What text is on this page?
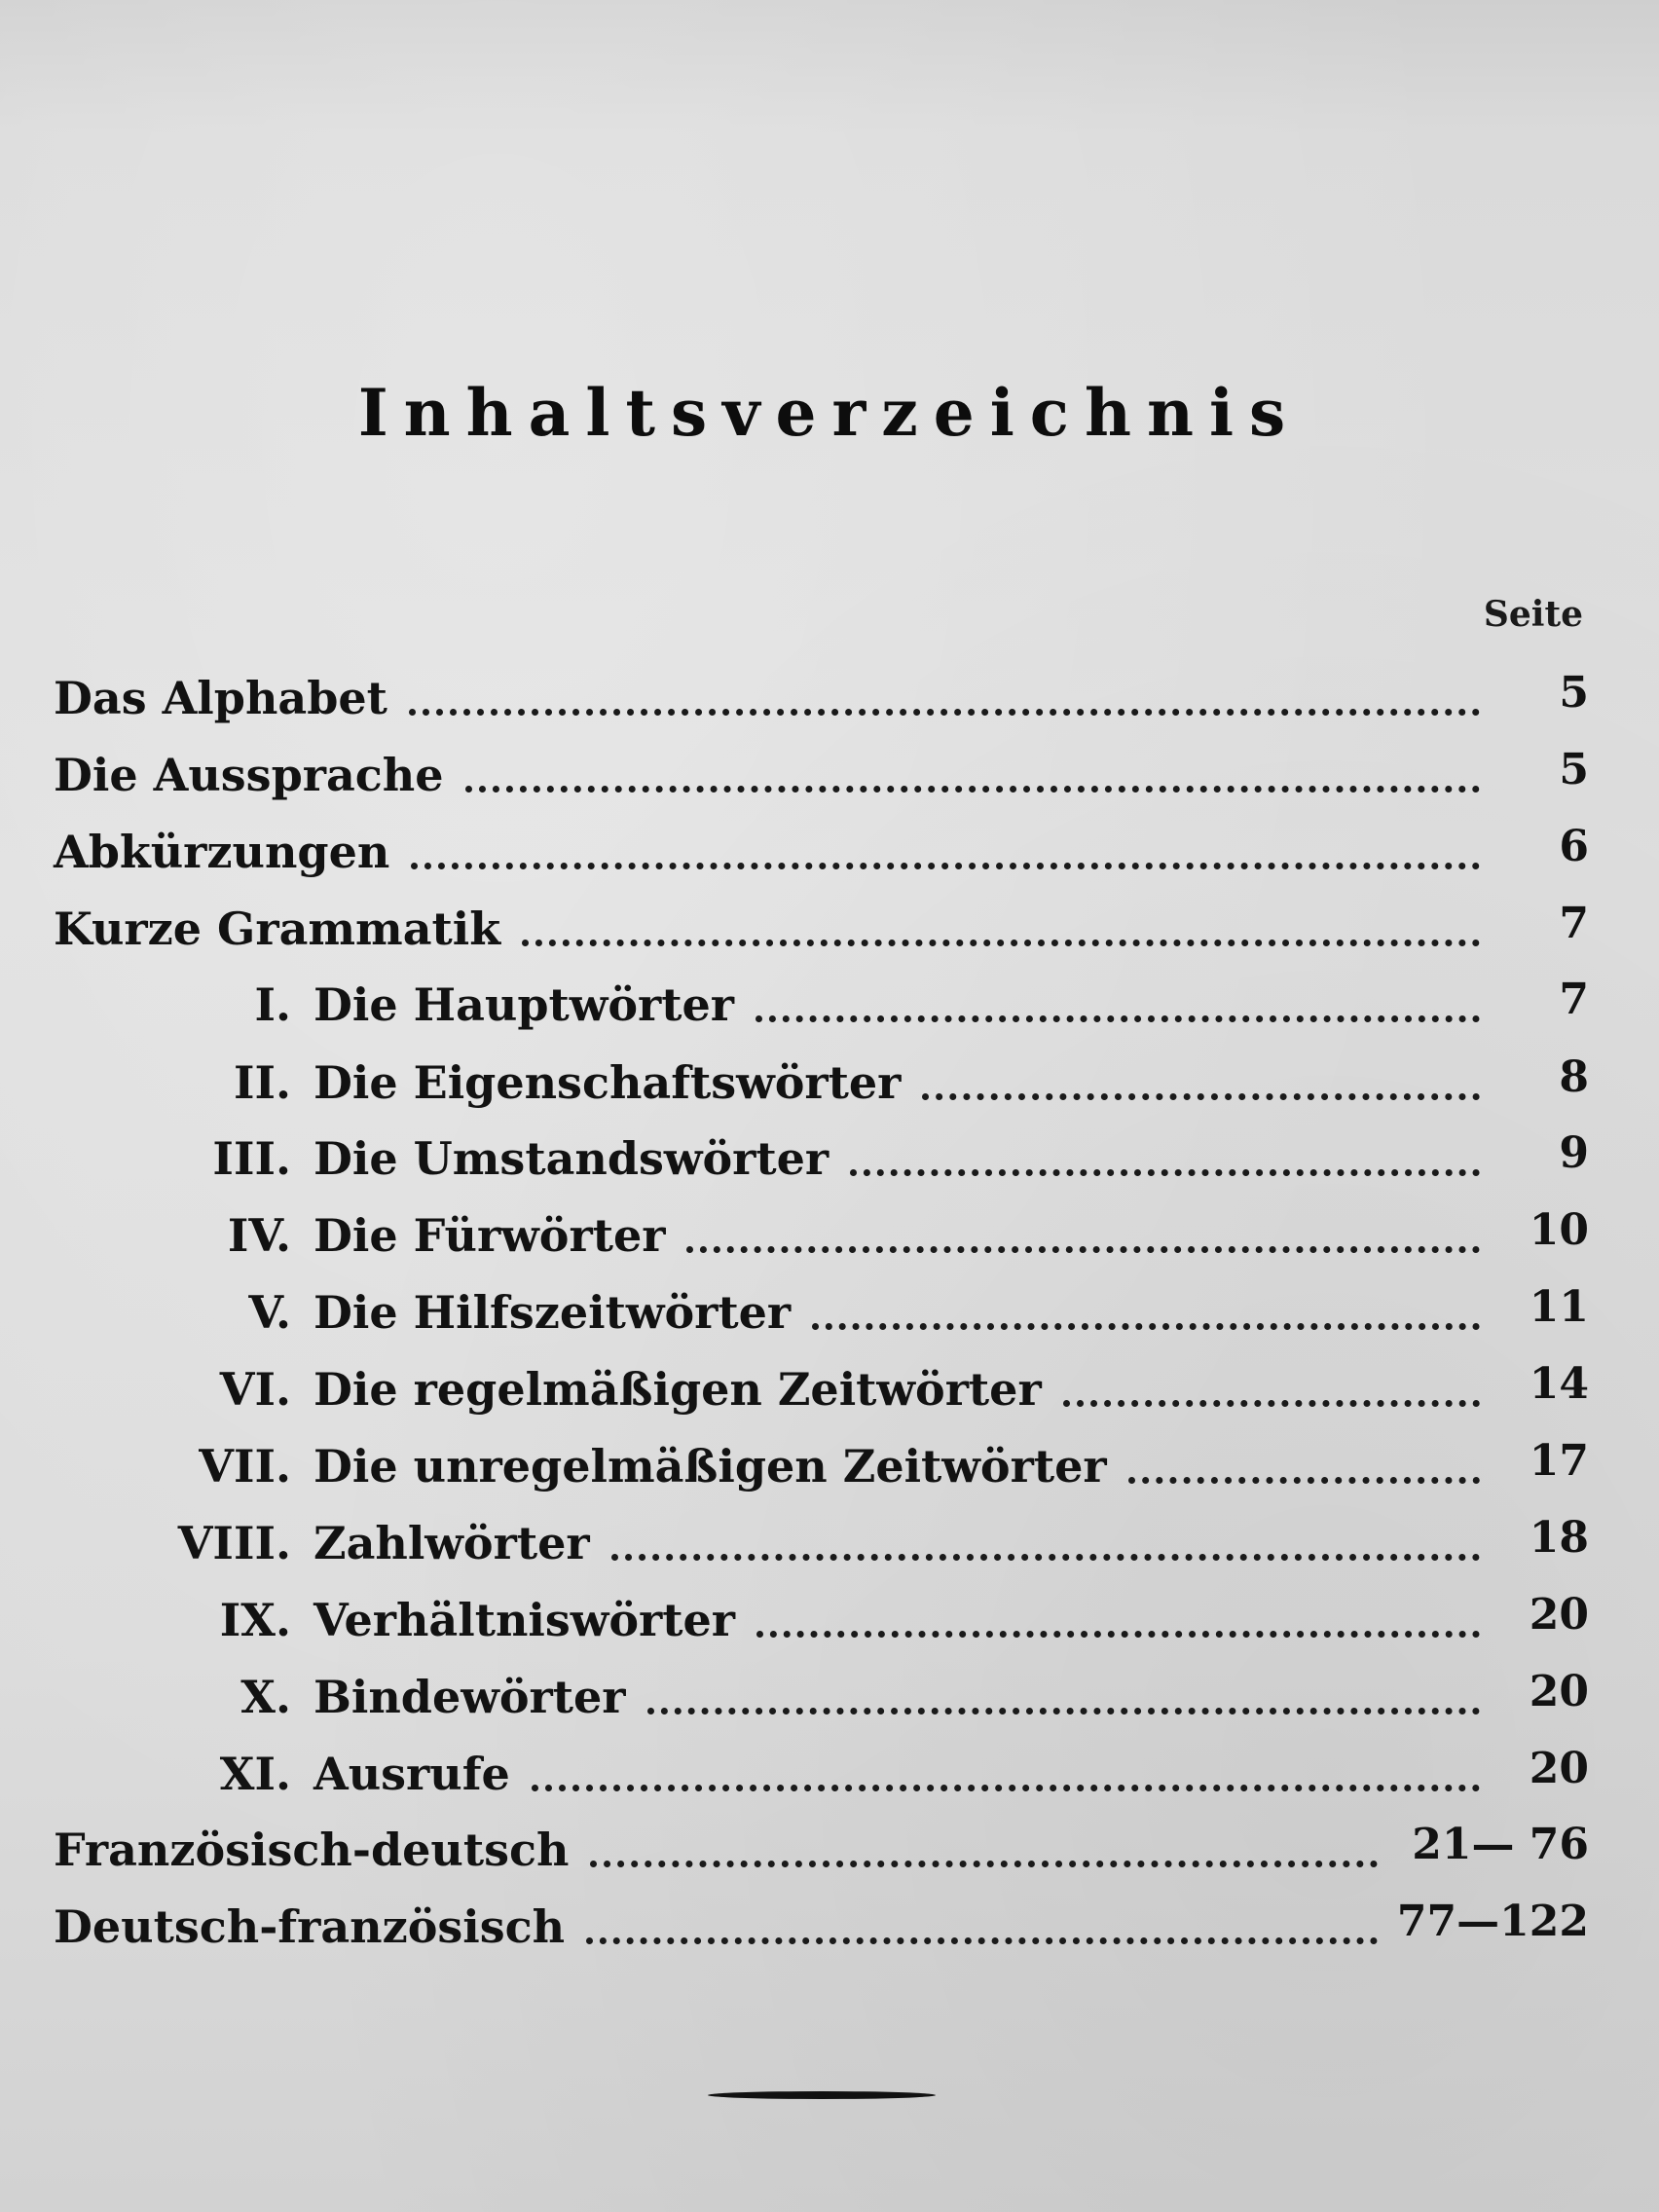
Inhaltsverzeichnis
Seite
Das Alphabet	5
Die Aussprache	5
Abkürzungen	6
Kurze Grammatik	7
I. Die Hauptwörter	7
II. Die Eigenschaftswörter	8
III. Die Umstandswörter	9
IV. Die Fürwörter	10
V. Die Hilfszeitwörter	11
VI. Die regelmäßigen Zeitwörter	14
VII. Die unregelmäßigen Zeitwörter	17
VIII. Zahlwörter	18
IX. Verhältniswörter	20
X. Bindewörter	20
XI. Ausrufe	20
Französisch-deutsch	21— 76
Deutsch-französisch	77—122
